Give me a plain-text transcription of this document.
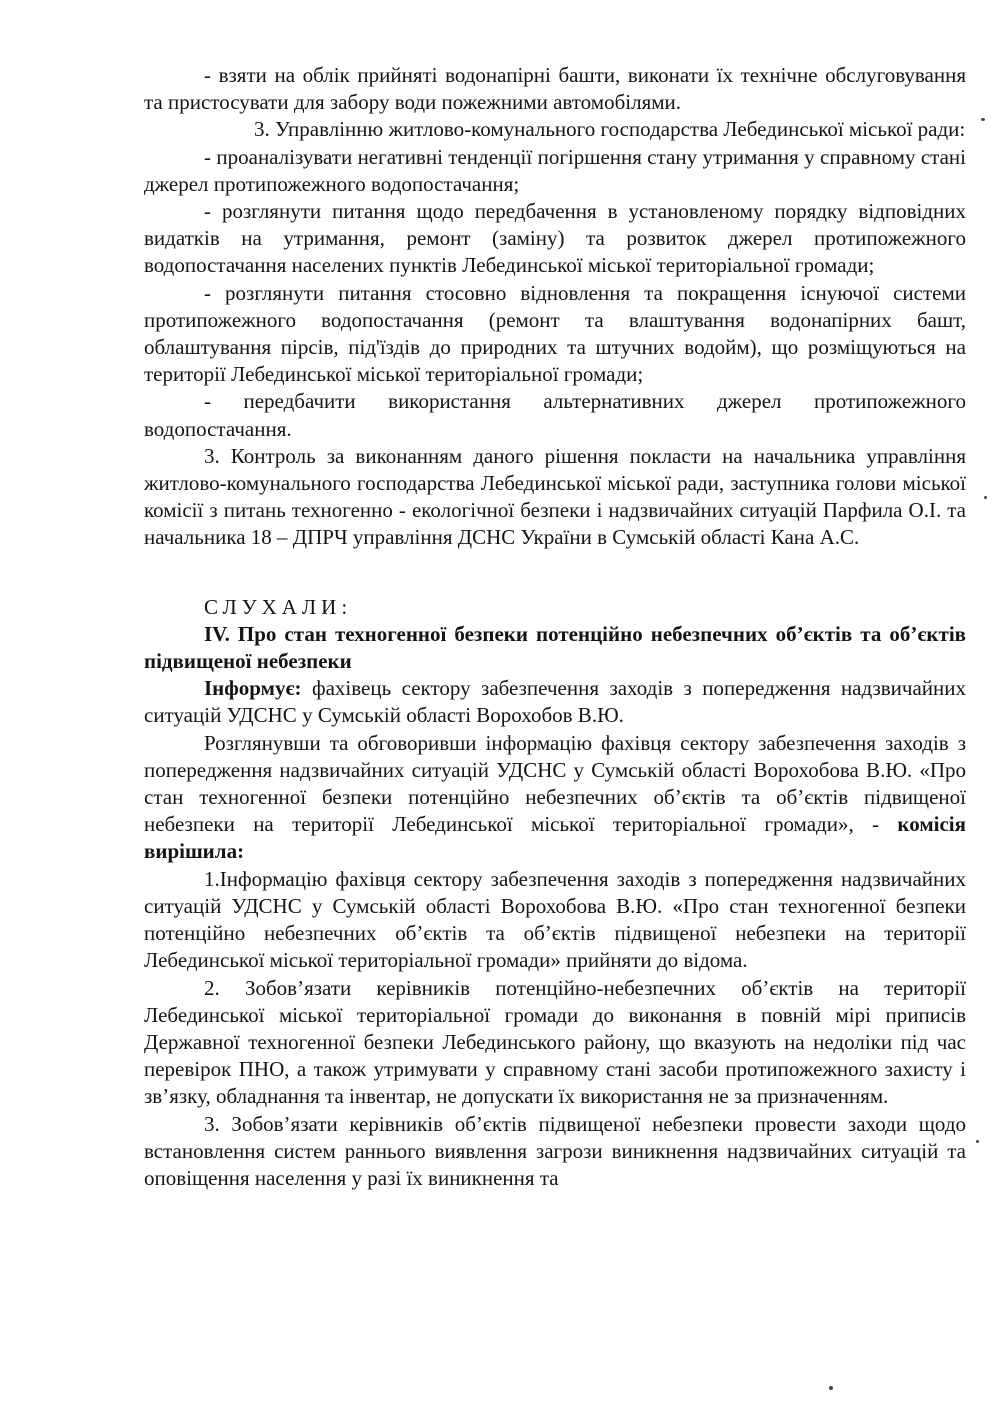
- взяти на облік прийняті водонапірні башти, виконати їх технічне обслуговування та пристосувати для забору води пожежними автомобілями.

3. Управлінню житлово-комунального господарства Лебединської міської ради:

- проаналізувати негативні тенденції погіршення стану утримання у справному стані джерел протипожежного водопостачання;

- розглянути питання щодо передбачення в установленому порядку відповідних видатків на утримання, ремонт (заміну) та розвиток джерел протипожежного водопостачання населених пунктів Лебединської міської територіальної громади;

- розглянути питання стосовно відновлення та покращення існуючої системи протипожежного водопостачання (ремонт та влаштування водонапірних башт, облаштування пірсів, під'їздів до природних та штучних водойм), що розміщуються на території Лебединської міської територіальної громади;

- передбачити використання альтернативних джерел протипожежного водопостачання.

3. Контроль за виконанням даного рішення покласти на начальника управління житлово-комунального господарства Лебединської міської ради, заступника голови міської комісії з питань техногенно - екологічної безпеки і надзвичайних ситуацій Парфила О.І. та начальника 18 – ДПРЧ управління ДСНС України в Сумській області Кана А.С.

СЛУХАЛИ:

IV. Про стан техногенної безпеки потенційно небезпечних об’єктів та об’єктів підвищеної небезпеки

Інформує: фахівець сектору забезпечення заходів з попередження надзвичайних ситуацій УДСНС у Сумській області Ворохобов В.Ю.

Розглянувши та обговоривши інформацію фахівця сектору забезпечення заходів з попередження надзвичайних ситуацій УДСНС у Сумській області Ворохобова В.Ю. «Про стан техногенної безпеки потенційно небезпечних об’єктів та об’єктів підвищеної небезпеки на території Лебединської міської територіальної громади», - комісія вирішила:

1.Інформацію фахівця сектору забезпечення заходів з попередження надзвичайних ситуацій УДСНС у Сумській області Ворохобова В.Ю. «Про стан техногенної безпеки потенційно небезпечних об’єктів та об’єктів підвищеної небезпеки на території Лебединської міської територіальної громади» прийняти до відома.

2. Зобов’язати керівників потенційно-небезпечних об’єктів на території Лебединської міської територіальної громади до виконання в повній мірі приписів Державної техногенної безпеки Лебединського району, що вказують на недоліки під час перевірок ПНО, а також утримувати у справному стані засоби протипожежного захисту і зв’язку, обладнання та інвентар, не допускати їх використання не за призначенням.

3. Зобов’язати керівників об’єктів підвищеної небезпеки провести заходи щодо встановлення систем раннього виявлення загрози виникнення надзвичайних ситуацій та оповіщення населення у разі їх виникнення та
